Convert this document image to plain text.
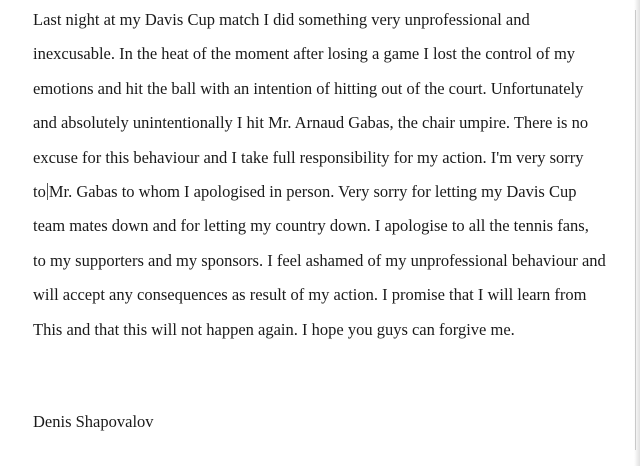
Last night at my Davis Cup match I did something very unprofessional and
inexcusable. In the heat of the moment after losing a game I lost the control of my
emotions and hit the ball with an intention of hitting out of the court. Unfortunately
and absolutely unintentionally I hit Mr. Arnaud Gabas, the chair umpire. There is no
excuse for this behaviour and I take full responsibility for my action. I'm very sorry
to Mr. Gabas to whom I apologised in person. Very sorry for letting my Davis Cup
team mates down and for letting my country down. I apologise to all the tennis fans,
to my supporters and my sponsors. I feel ashamed of my unprofessional behaviour and
will accept any consequences as result of my action. I promise that I will learn from
This and that this will not happen again. I hope you guys can forgive me.
Denis Shapovalov
